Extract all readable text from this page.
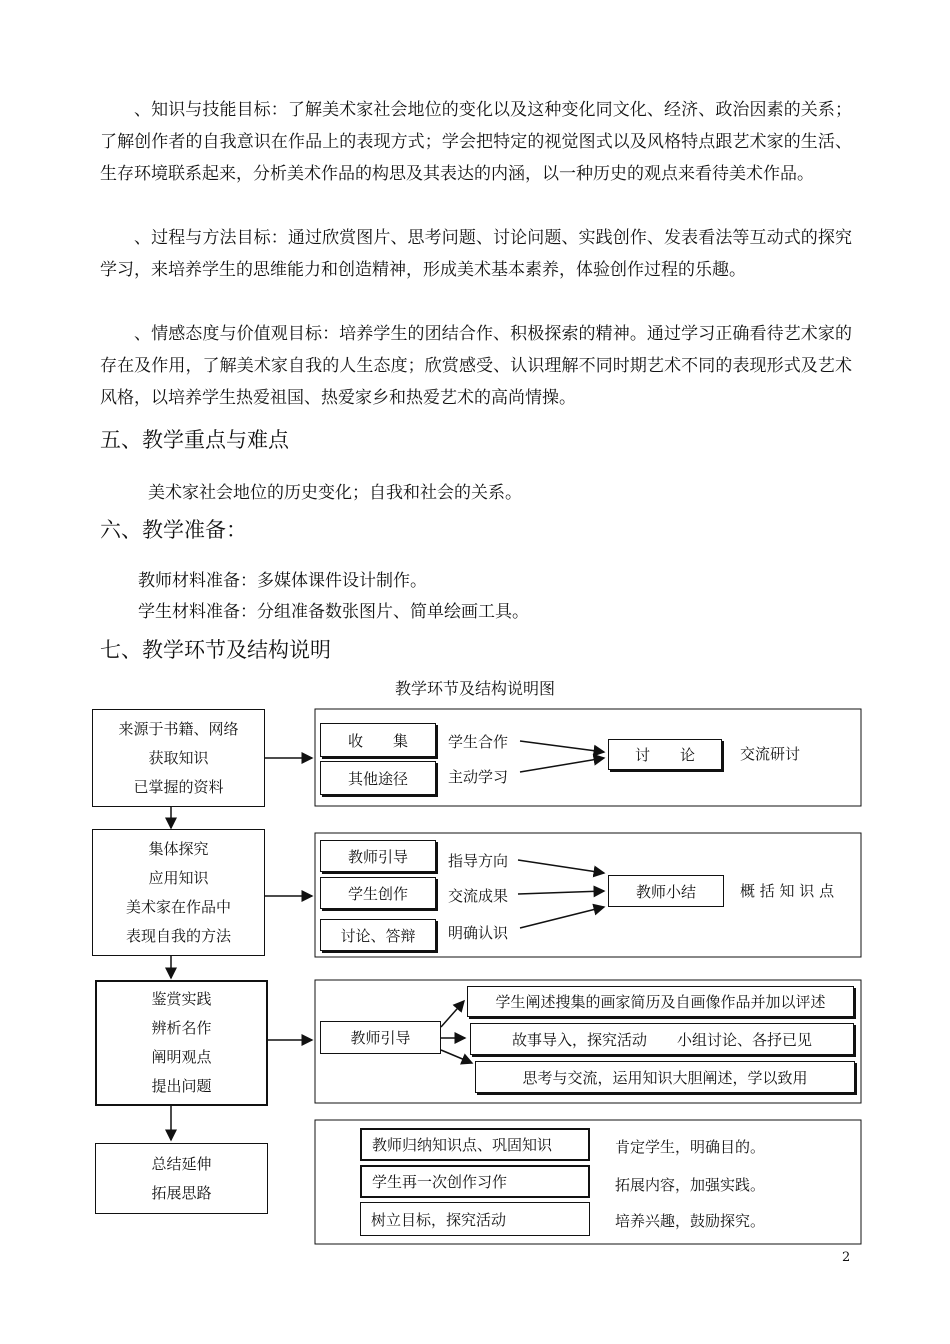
、知识与技能目标：了解美术家社会地位的变化以及这种变化同文化、经济、政治因素的关系；了解创作者的自我意识在作品上的表现方式；学会把特定的视觉图式以及风格特点跟艺术家的生活、生存环境联系起来，分析美术作品的构思及其表达的内涵，以一种历史的观点来看待美术作品。

、过程与方法目标：通过欣赏图片、思考问题、讨论问题、实践创作、发表看法等互动式的探究学习，来培养学生的思维能力和创造精神，形成美术基本素养，体验创作过程的乐趣。

、情感态度与价值观目标：培养学生的团结合作、积极探索的精神。通过学习正确看待艺术家的存在及作用，了解美术家自我的人生态度；欣赏感受、认识理解不同时期艺术不同的表现形式及艺术风格，以培养学生热爱祖国、热爱家乡和热爱艺术的高尚情操。

五、教学重点与难点

美术家社会地位的历史变化；自我和社会的关系。

六、教学准备：

教师材料准备：多媒体课件设计制作。

学生材料准备：分组准备数张图片、简单绘画工具。

七、教学环节及结构说明
教学环节及结构说明图
来源于书籍、网络
获取知识
已掌握的资料
收　　集
其他途径
学生合作
主动学习
讨　　论	交流研讨
集体探究
应用知识
美术家在作品中
表现自我的方法
教师引导
学生创作
讨论、答辩
指导方向
交流成果
明确认识
教师小结	概 括 知 识 点
鉴赏实践
辨析名作
阐明观点
提出问题
教师引导
学生阐述搜集的画家简历及自画像作品并加以评述
故事导入，探究活动　　小组讨论、各抒已见
思考与交流，运用知识大胆阐述，学以致用
总结延伸
拓展思路
教师归纳知识点、巩固知识
学生再一次创作习作
树立目标，探究活动
肯定学生，明确目的。
拓展内容，加强实践。
培养兴趣，鼓励探究。
2
